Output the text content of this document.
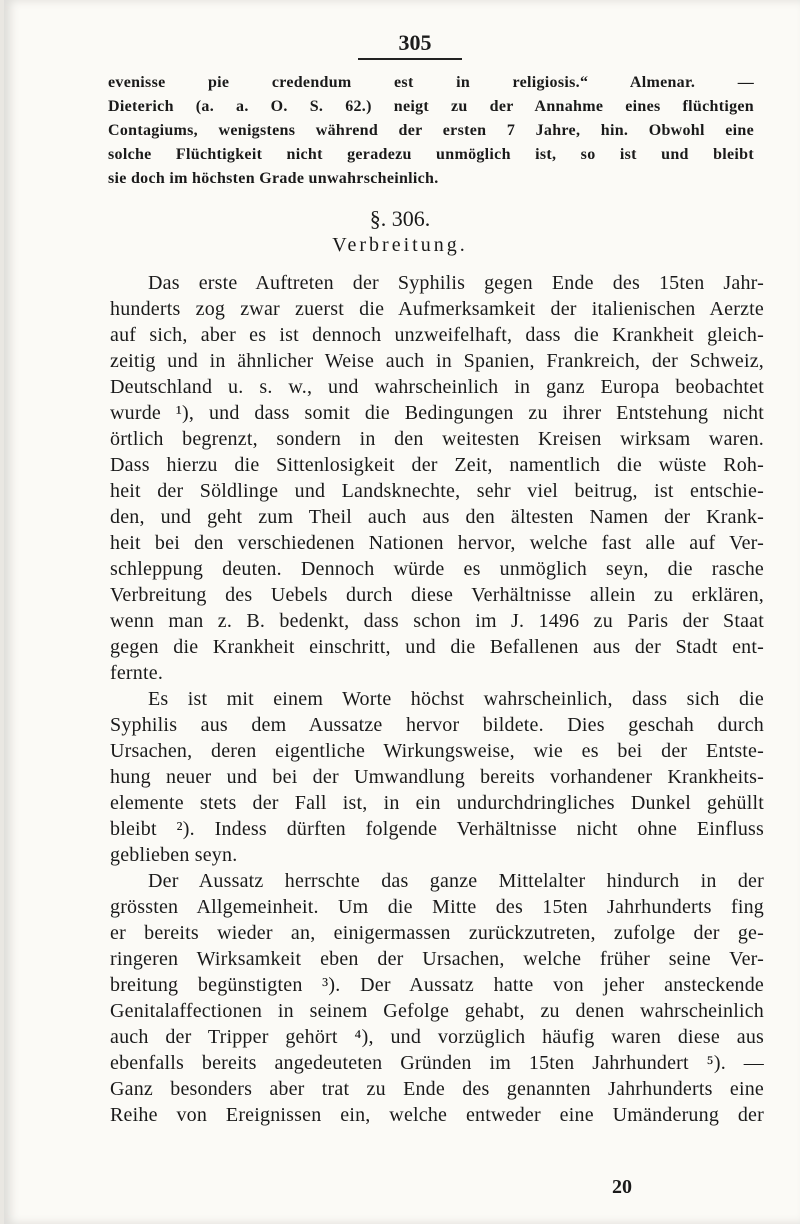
305
evenisse pie credendum est in religiosis.“ Almenar. —
Dieterich (a. a. O. S. 62.) neigt zu der Annahme eines flüchtigen
Contagiums, wenigstens während der ersten 7 Jahre, hin. Obwohl eine
solche Flüchtigkeit nicht geradezu unmöglich ist, so ist und bleibt
sie doch im höchsten Grade unwahrscheinlich.
§. 306.
Verbreitung.
Das erste Auftreten der Syphilis gegen Ende des 15ten Jahr-
hunderts zog zwar zuerst die Aufmerksamkeit der italienischen Aerzte
auf sich, aber es ist dennoch unzweifelhaft, dass die Krankheit gleich-
zeitig und in ähnlicher Weise auch in Spanien, Frankreich, der Schweiz,
Deutschland u. s. w., und wahrscheinlich in ganz Europa beobachtet
wurde ¹), und dass somit die Bedingungen zu ihrer Entstehung nicht
örtlich begrenzt, sondern in den weitesten Kreisen wirksam waren.
Dass hierzu die Sittenlosigkeit der Zeit, namentlich die wüste Roh-
heit der Söldlinge und Landsknechte, sehr viel beitrug, ist entschie-
den, und geht zum Theil auch aus den ältesten Namen der Krank-
heit bei den verschiedenen Nationen hervor, welche fast alle auf Ver-
schleppung deuten. Dennoch würde es unmöglich seyn, die rasche
Verbreitung des Uebels durch diese Verhältnisse allein zu erklären,
wenn man z. B. bedenkt, dass schon im J. 1496 zu Paris der Staat
gegen die Krankheit einschritt, und die Befallenen aus der Stadt ent-
fernte.
Es ist mit einem Worte höchst wahrscheinlich, dass sich die
Syphilis aus dem Aussatze hervor bildete. Dies geschah durch
Ursachen, deren eigentliche Wirkungsweise, wie es bei der Entste-
hung neuer und bei der Umwandlung bereits vorhandener Krankheits-
elemente stets der Fall ist, in ein undurchdringliches Dunkel gehüllt
bleibt ²). Indess dürften folgende Verhältnisse nicht ohne Einfluss
geblieben seyn.
Der Aussatz herrschte das ganze Mittelalter hindurch in der
grössten Allgemeinheit. Um die Mitte des 15ten Jahrhunderts fing
er bereits wieder an, einigermassen zurückzutreten, zufolge der ge-
ringeren Wirksamkeit eben der Ursachen, welche früher seine Ver-
breitung begünstigten ³). Der Aussatz hatte von jeher ansteckende
Genitalaffectionen in seinem Gefolge gehabt, zu denen wahrscheinlich
auch der Tripper gehört ⁴), und vorzüglich häufig waren diese aus
ebenfalls bereits angedeuteten Gründen im 15ten Jahrhundert ⁵). —
Ganz besonders aber trat zu Ende des genannten Jahrhunderts eine
Reihe von Ereignissen ein, welche entweder eine Umänderung der
20
